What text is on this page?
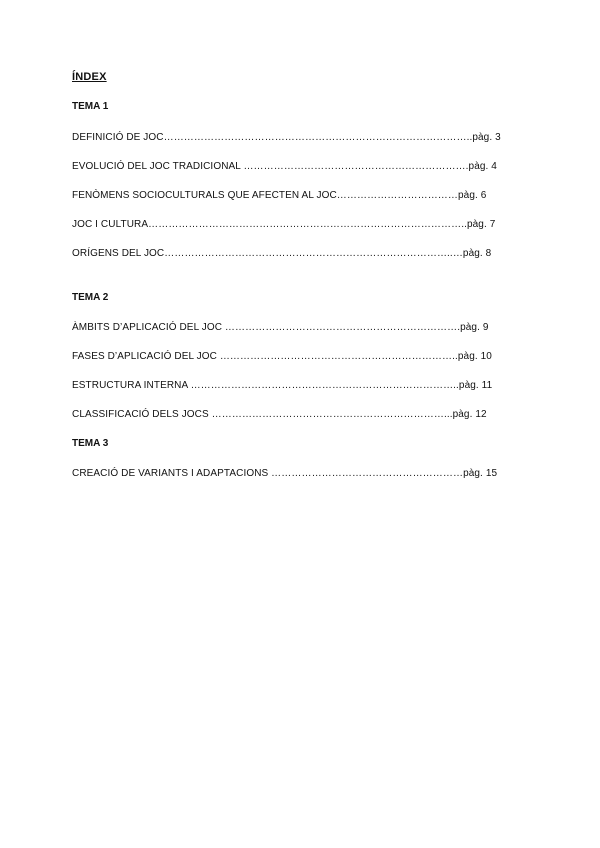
ÍNDEX
TEMA 1
DEFINICIÓ DE JOC………………………………………………………………………………..pàg. 3
EVOLUCIÓ DEL JOC TRADICIONAL ………………………………………………………….pàg. 4
FENÒMENS SOCIOCULTURALS QUE AFECTEN AL JOC………………………………pàg. 6
JOC I CULTURA…………………………………………………………………………………..pàg. 7
ORÍGENS DEL JOC…………………………………………………………………………..…pàg. 8
TEMA 2
ÀMBITS D’APLICACIÓ DEL JOC …………………………………………………………….pàg. 9
FASES D’APLICACIÓ DEL JOC ……………………………………………………………..pàg. 10
ESTRUCTURA INTERNA ……………………………………………………………………..pàg. 11
CLASSIFICACIÓ DELS JOCS ……………………………………………………………...pàg. 12
TEMA 3
CREACIÓ DE VARIANTS I ADAPTACIONS …………………………………………………pàg. 15
